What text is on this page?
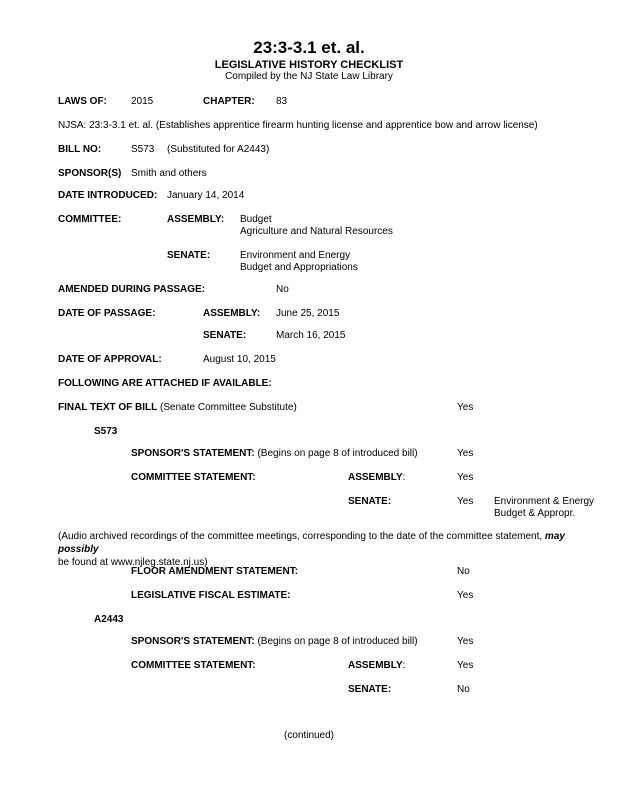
23:3-3.1 et. al.
LEGISLATIVE HISTORY CHECKLIST
Compiled by the NJ State Law Library
LAWS OF: 2015	CHAPTER: 83
NJSA: 23:3-3.1 et. al. (Establishes apprentice firearm hunting license and apprentice bow and arrow license)
BILL NO:	S573 (Substituted for A2443)
SPONSOR(S) Smith and others
DATE INTRODUCED: January 14, 2014
COMMITTEE:	ASSEMBLY: Budget
Agriculture and Natural Resources
SENATE:	Environment and Energy
Budget and Appropriations
AMENDED DURING PASSAGE:	No
DATE OF PASSAGE:	ASSEMBLY: June 25, 2015
SENATE:	March 16, 2015
DATE OF APPROVAL:	August 10, 2015
FOLLOWING ARE ATTACHED IF AVAILABLE:
FINAL TEXT OF BILL (Senate Committee Substitute)	Yes
S573
SPONSOR'S STATEMENT: (Begins on page 8 of introduced bill)	Yes
COMMITTEE STATEMENT:	ASSEMBLY:	Yes
SENATE:	Yes Environment & Energy
Budget & Appropr.
(Audio archived recordings of the committee meetings, corresponding to the date of the committee statement, may possibly
be found at www.njleg.state.nj.us)
FLOOR AMENDMENT STATEMENT:	No
LEGISLATIVE FISCAL ESTIMATE:	Yes
A2443
SPONSOR'S STATEMENT: (Begins on page 8 of introduced bill)	Yes
COMMITTEE STATEMENT:	ASSEMBLY:	Yes
SENATE:	No
(continued)
